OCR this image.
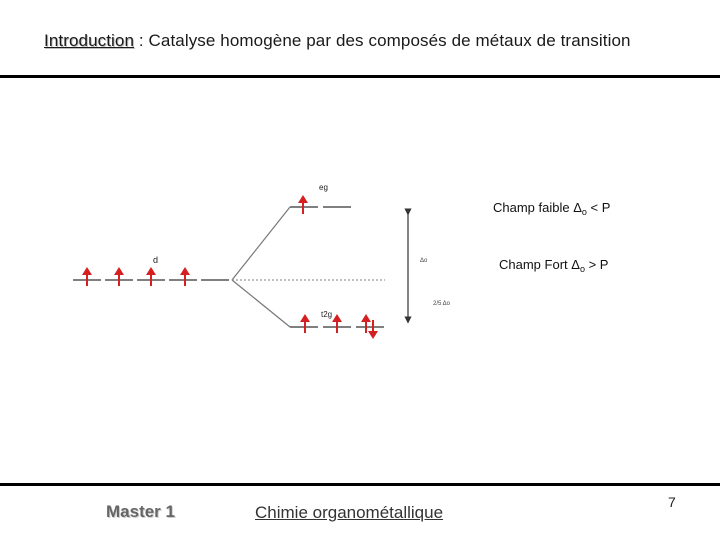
Introduction : Catalyse homogène par des composés de métaux de transition
d
eg
t2g
Δo
2/5 Δo
Champ faible $\Delta_o < P$
Champ Fort $\Delta_o > P$
Master 1	Chimie organométallique
7
